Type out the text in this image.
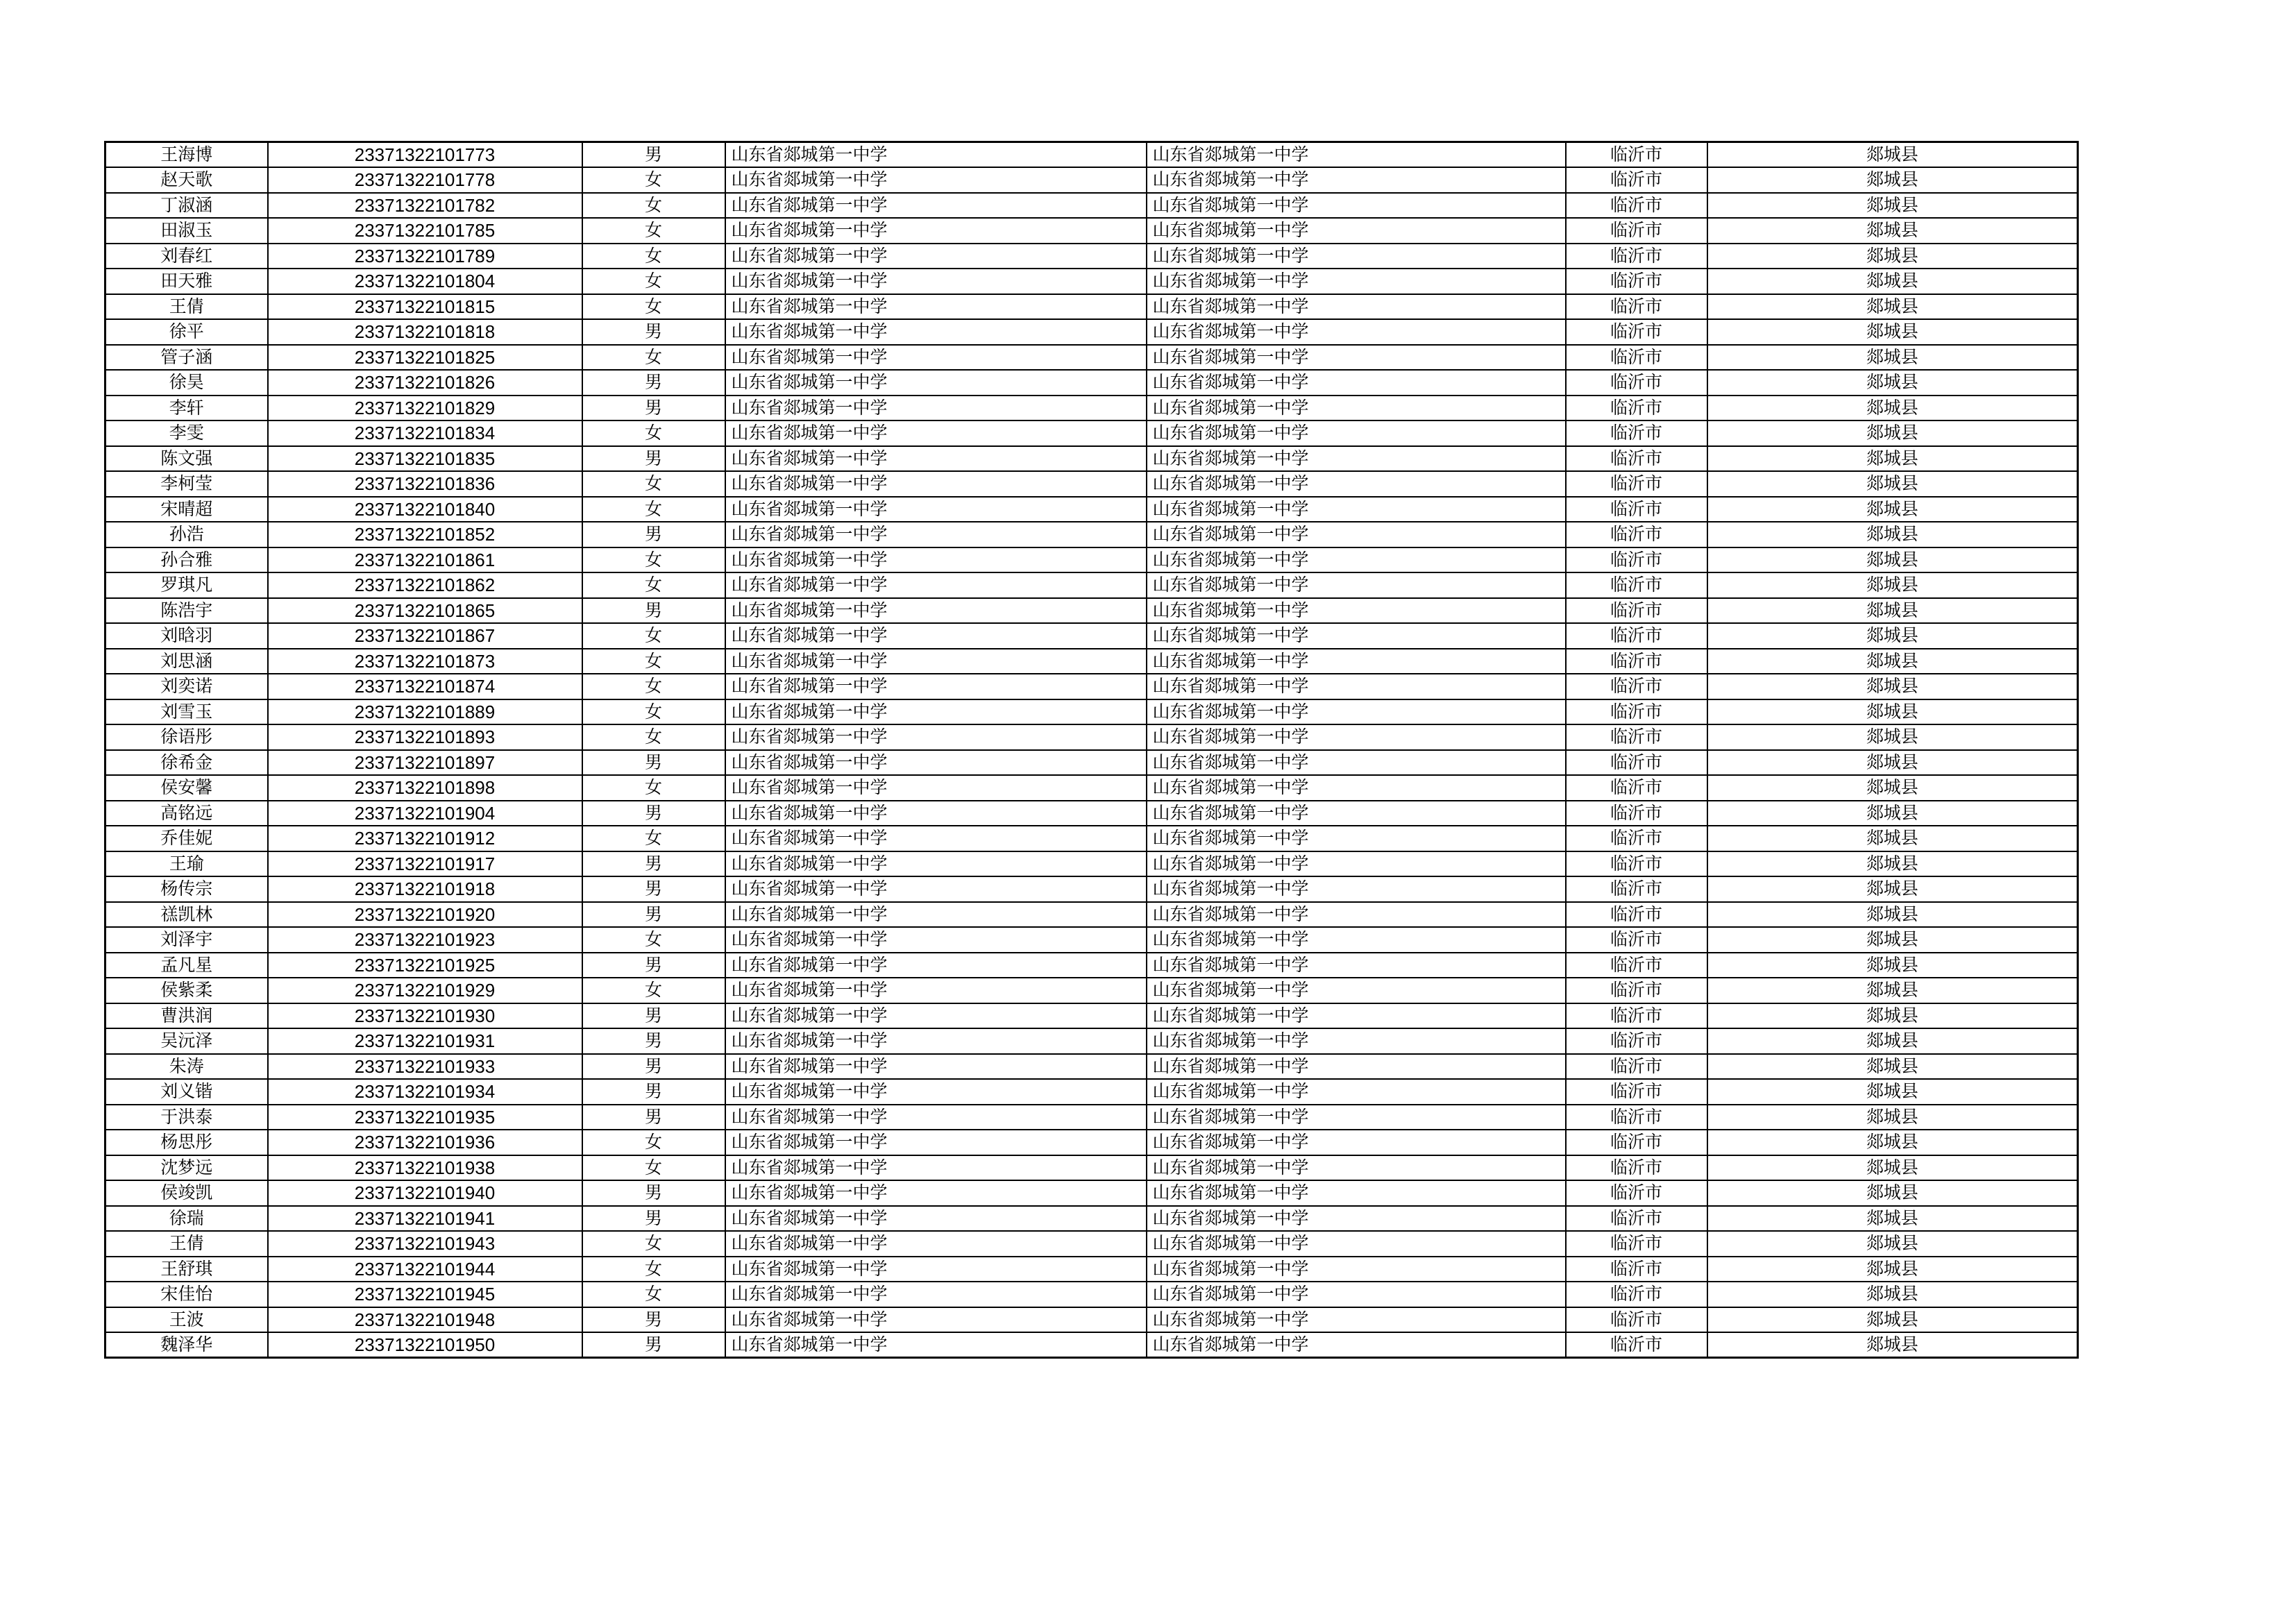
王海博	23371322101773	男	山东省郯城第一中学	山东省郯城第一中学	临沂市	郯城县
赵天歌	23371322101778	女	山东省郯城第一中学	山东省郯城第一中学	临沂市	郯城县
丁淑涵	23371322101782	女	山东省郯城第一中学	山东省郯城第一中学	临沂市	郯城县
田淑玉	23371322101785	女	山东省郯城第一中学	山东省郯城第一中学	临沂市	郯城县
刘春红	23371322101789	女	山东省郯城第一中学	山东省郯城第一中学	临沂市	郯城县
田天雅	23371322101804	女	山东省郯城第一中学	山东省郯城第一中学	临沂市	郯城县
王倩	23371322101815	女	山东省郯城第一中学	山东省郯城第一中学	临沂市	郯城县
徐平	23371322101818	男	山东省郯城第一中学	山东省郯城第一中学	临沂市	郯城县
管子涵	23371322101825	女	山东省郯城第一中学	山东省郯城第一中学	临沂市	郯城县
徐昊	23371322101826	男	山东省郯城第一中学	山东省郯城第一中学	临沂市	郯城县
李轩	23371322101829	男	山东省郯城第一中学	山东省郯城第一中学	临沂市	郯城县
李雯	23371322101834	女	山东省郯城第一中学	山东省郯城第一中学	临沂市	郯城县
陈文强	23371322101835	男	山东省郯城第一中学	山东省郯城第一中学	临沂市	郯城县
李柯莹	23371322101836	女	山东省郯城第一中学	山东省郯城第一中学	临沂市	郯城县
宋晴超	23371322101840	女	山东省郯城第一中学	山东省郯城第一中学	临沂市	郯城县
孙浩	23371322101852	男	山东省郯城第一中学	山东省郯城第一中学	临沂市	郯城县
孙合雅	23371322101861	女	山东省郯城第一中学	山东省郯城第一中学	临沂市	郯城县
罗琪凡	23371322101862	女	山东省郯城第一中学	山东省郯城第一中学	临沂市	郯城县
陈浩宇	23371322101865	男	山东省郯城第一中学	山东省郯城第一中学	临沂市	郯城县
刘晗羽	23371322101867	女	山东省郯城第一中学	山东省郯城第一中学	临沂市	郯城县
刘思涵	23371322101873	女	山东省郯城第一中学	山东省郯城第一中学	临沂市	郯城县
刘奕诺	23371322101874	女	山东省郯城第一中学	山东省郯城第一中学	临沂市	郯城县
刘雪玉	23371322101889	女	山东省郯城第一中学	山东省郯城第一中学	临沂市	郯城县
徐语彤	23371322101893	女	山东省郯城第一中学	山东省郯城第一中学	临沂市	郯城县
徐希金	23371322101897	男	山东省郯城第一中学	山东省郯城第一中学	临沂市	郯城县
侯安馨	23371322101898	女	山东省郯城第一中学	山东省郯城第一中学	临沂市	郯城县
高铭远	23371322101904	男	山东省郯城第一中学	山东省郯城第一中学	临沂市	郯城县
乔佳妮	23371322101912	女	山东省郯城第一中学	山东省郯城第一中学	临沂市	郯城县
王瑜	23371322101917	男	山东省郯城第一中学	山东省郯城第一中学	临沂市	郯城县
杨传宗	23371322101918	男	山东省郯城第一中学	山东省郯城第一中学	临沂市	郯城县
禚凯林	23371322101920	男	山东省郯城第一中学	山东省郯城第一中学	临沂市	郯城县
刘泽宇	23371322101923	女	山东省郯城第一中学	山东省郯城第一中学	临沂市	郯城县
孟凡星	23371322101925	男	山东省郯城第一中学	山东省郯城第一中学	临沂市	郯城县
侯紫柔	23371322101929	女	山东省郯城第一中学	山东省郯城第一中学	临沂市	郯城县
曹洪润	23371322101930	男	山东省郯城第一中学	山东省郯城第一中学	临沂市	郯城县
吴沅泽	23371322101931	男	山东省郯城第一中学	山东省郯城第一中学	临沂市	郯城县
朱涛	23371322101933	男	山东省郯城第一中学	山东省郯城第一中学	临沂市	郯城县
刘义锴	23371322101934	男	山东省郯城第一中学	山东省郯城第一中学	临沂市	郯城县
于洪泰	23371322101935	男	山东省郯城第一中学	山东省郯城第一中学	临沂市	郯城县
杨思彤	23371322101936	女	山东省郯城第一中学	山东省郯城第一中学	临沂市	郯城县
沈梦远	23371322101938	女	山东省郯城第一中学	山东省郯城第一中学	临沂市	郯城县
侯竣凯	23371322101940	男	山东省郯城第一中学	山东省郯城第一中学	临沂市	郯城县
徐瑞	23371322101941	男	山东省郯城第一中学	山东省郯城第一中学	临沂市	郯城县
王倩	23371322101943	女	山东省郯城第一中学	山东省郯城第一中学	临沂市	郯城县
王舒琪	23371322101944	女	山东省郯城第一中学	山东省郯城第一中学	临沂市	郯城县
宋佳怡	23371322101945	女	山东省郯城第一中学	山东省郯城第一中学	临沂市	郯城县
王波	23371322101948	男	山东省郯城第一中学	山东省郯城第一中学	临沂市	郯城县
魏泽华	23371322101950	男	山东省郯城第一中学	山东省郯城第一中学	临沂市	郯城县
